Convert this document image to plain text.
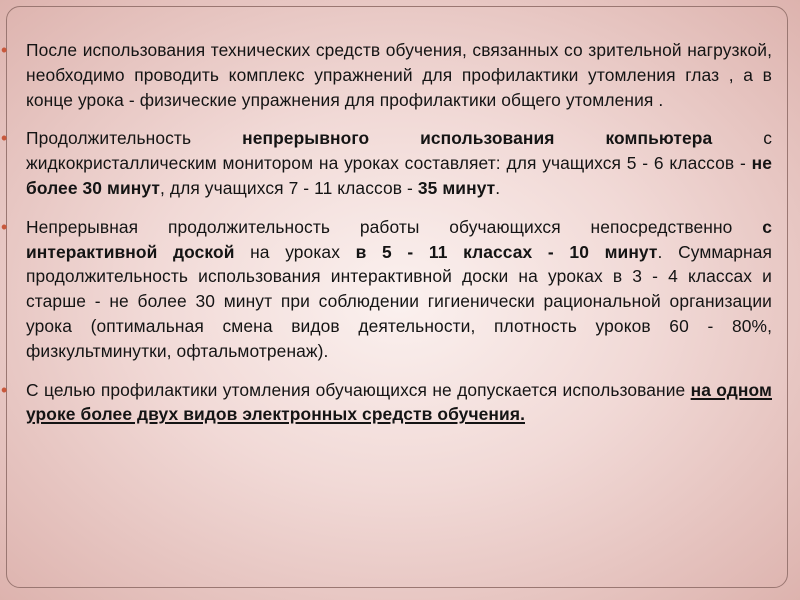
• После использования технических средств обучения, связанных со зрительной нагрузкой, необходимо проводить комплекс упражнений для профилактики утомления глаз , а в конце урока - физические упражнения для профилактики общего утомления .

• Продолжительность непрерывного использования компьютера с жидкокристаллическим монитором на уроках составляет: для учащихся 5 - 6 классов - не более 30 минут, для учащихся 7 - 11 классов - 35 минут.

• Непрерывная продолжительность работы обучающихся непосредственно с интерактивной доской на уроках в 5 - 11 классах - 10 минут. Суммарная продолжительность использования интерактивной доски на уроках в 3 - 4 классах и старше - не более 30 минут при соблюдении гигиенически рациональной организации урока (оптимальная смена видов деятельности, плотность уроков 60 - 80%, физкультминутки, офтальмотренаж).

• С целью профилактики утомления обучающихся не допускается использование на одном уроке более двух видов электронных средств обучения.
